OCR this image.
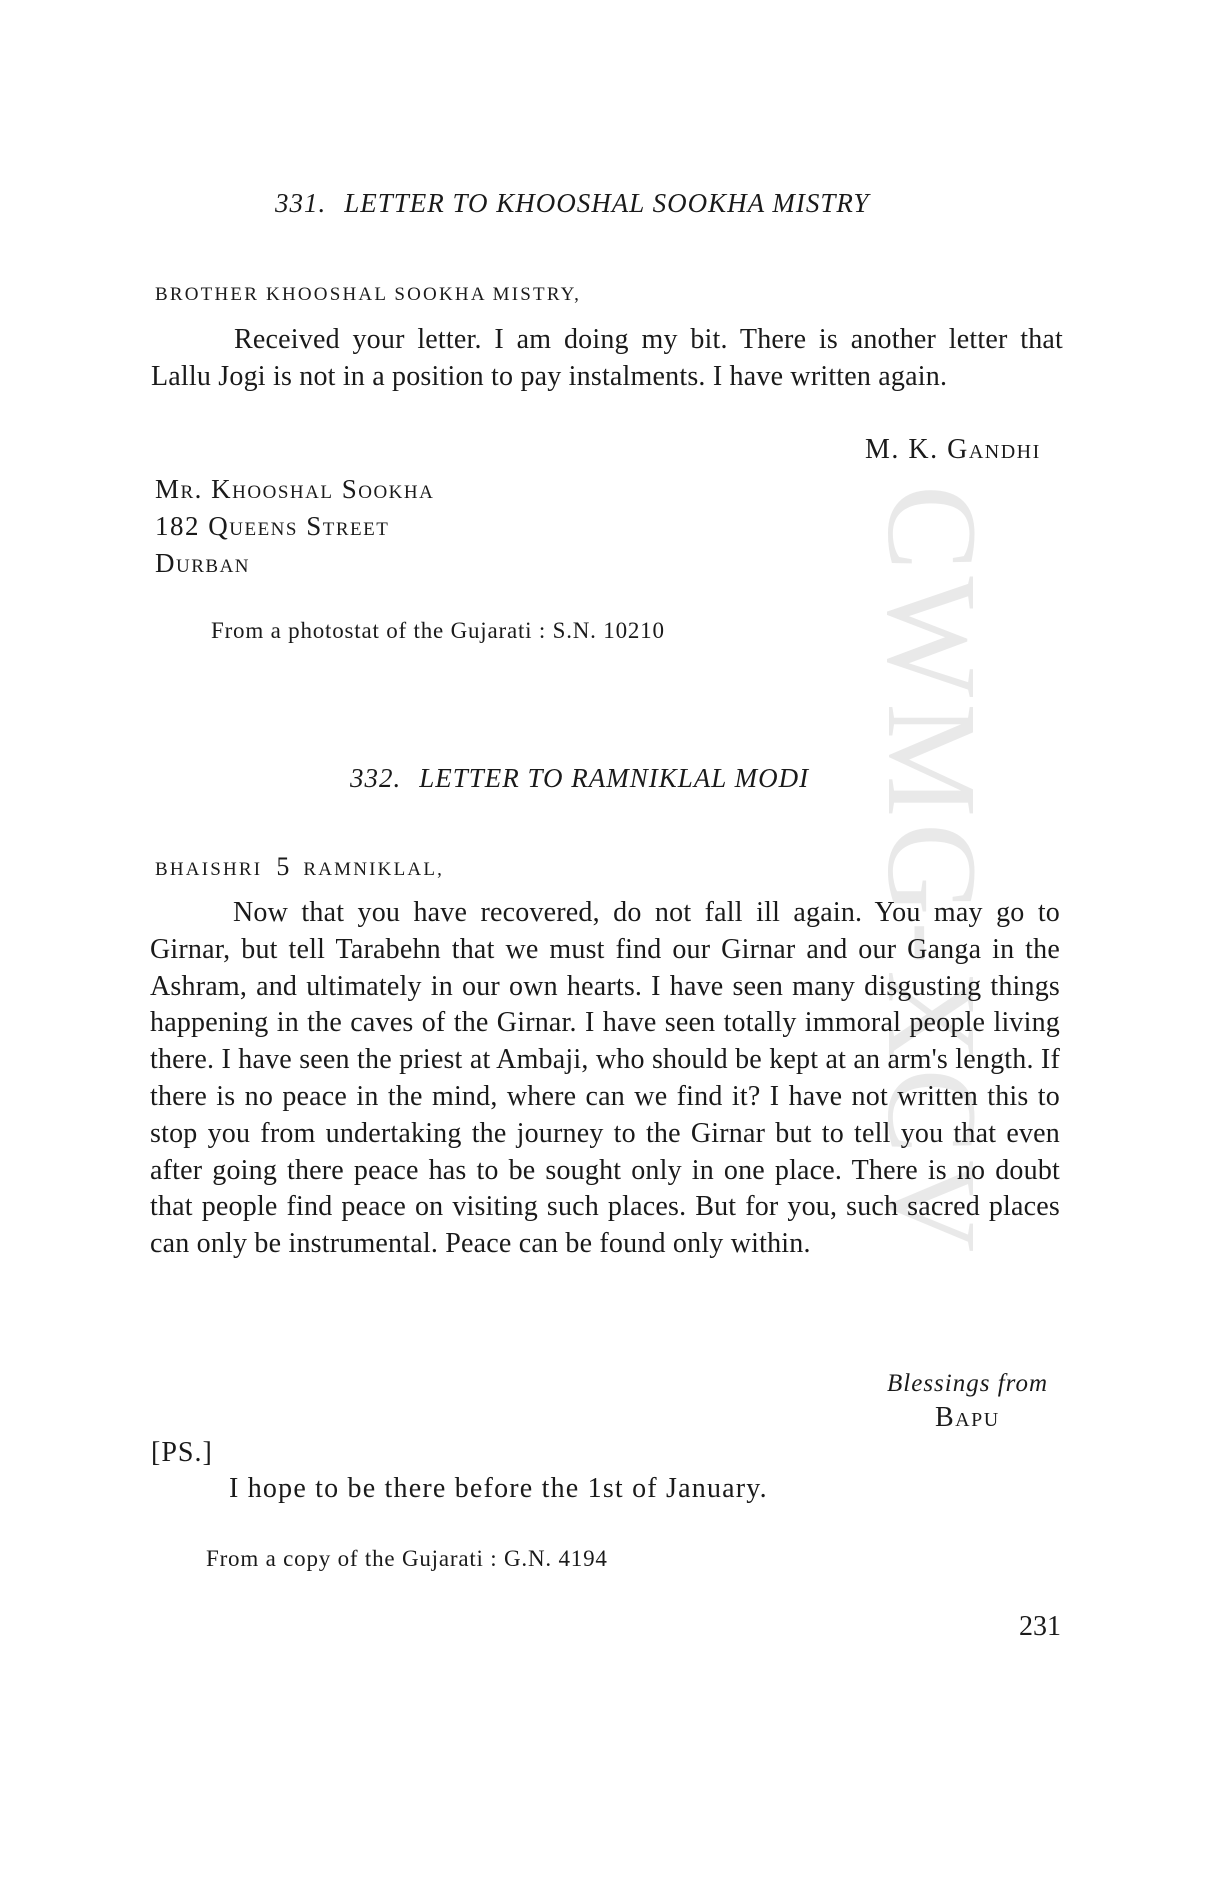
CWMG-XCV
331. LETTER TO KHOOSHAL SOOKHA MISTRY
BROTHER KHOOSHAL SOOKHA MISTRY,

Received your letter. I am doing my bit. There is another letter that Lallu Jogi is not in a position to pay instalments. I have written again.

M. K. Gandhi
Mr. Khooshal Sookha
182 Queens Street
Durban
From a photostat of the Gujarati : S.N. 10210
332. LETTER TO RAMNIKLAL MODI
BHAISHRI 5 RAMNIKLAL,

Now that you have recovered, do not fall ill again. You may go to Girnar, but tell Tarabehn that we must find our Girnar and our Ganga in the Ashram, and ultimately in our own hearts. I have seen many disgusting things happening in the caves of the Girnar. I have seen totally immoral people living there. I have seen the priest at Ambaji, who should be kept at an arm's length. If there is no peace in the mind, where can we find it? I have not written this to stop you from undertaking the journey to the Girnar but to tell you that even after going there peace has to be sought only in one place. There is no doubt that people find peace on visiting such places. But for you, such sacred places can only be instrumental. Peace can be found only within.

Blessings from
Bapu
[PS.]
I hope to be there before the 1st of January.
From a copy of the Gujarati : G.N. 4194
231
